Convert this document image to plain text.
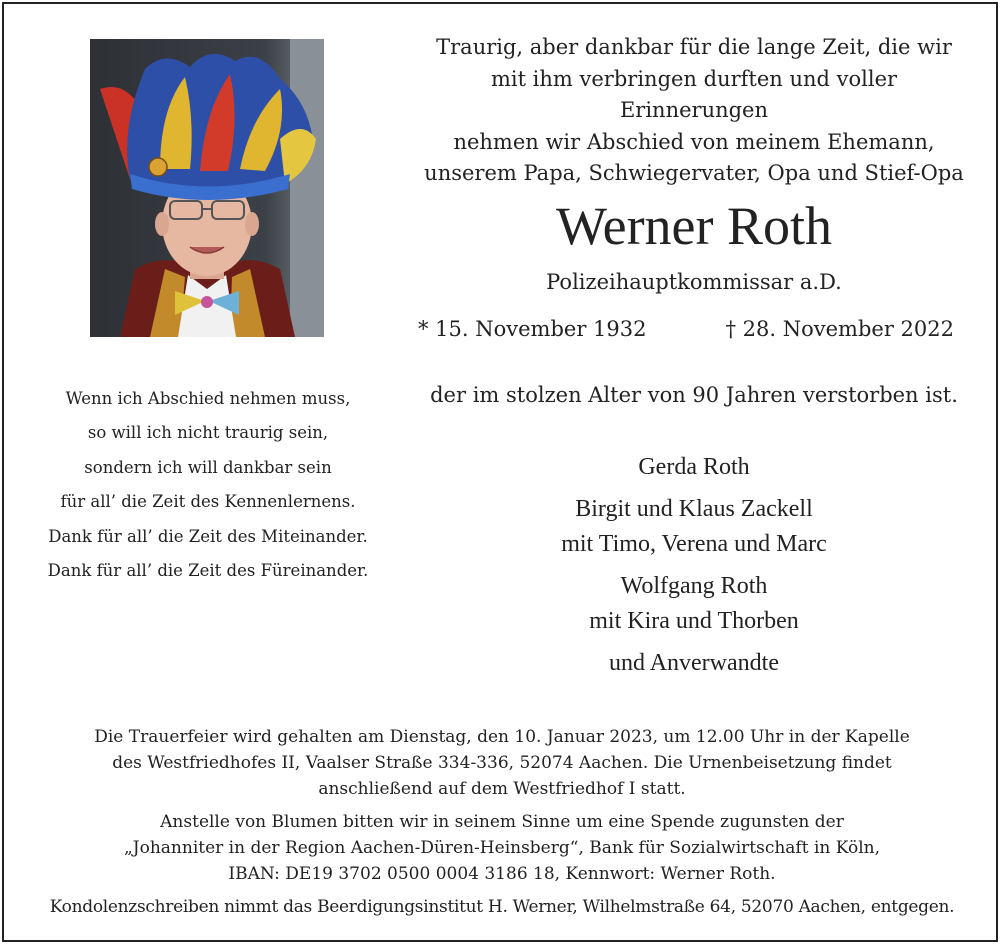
Traurig, aber dankbar für die lange Zeit, die wir
mit ihm verbringen durften und voller Erinnerungen
nehmen wir Abschied von meinem Ehemann,
unserem Papa, Schwiegervater, Opa und Stief-Opa
Werner Roth
Polizeihauptkommissar a.D.
* 15. November 1932	† 28. November 2022
der im stolzen Alter von 90 Jahren verstorben ist.
Wenn ich Abschied nehmen muss,
so will ich nicht traurig sein,
sondern ich will dankbar sein
für all’ die Zeit des Kennenlernens.
Dank für all’ die Zeit des Miteinander.
Dank für all’ die Zeit des Füreinander.
Gerda Roth
Birgit und Klaus Zackell
mit Timo, Verena und Marc
Wolfgang Roth
mit Kira und Thorben
und Anverwandte

Die Trauerfeier wird gehalten am Dienstag, den 10. Januar 2023, um 12.00 Uhr in der Kapelle
des Westfriedhofes II, Vaalser Straße 334-336, 52074 Aachen. Die Urnenbeisetzung findet
anschließend auf dem Westfriedhof I statt.

Anstelle von Blumen bitten wir in seinem Sinne um eine Spende zugunsten der
„Johanniter in der Region Aachen-Düren-Heinsberg“, Bank für Sozialwirtschaft in Köln,
IBAN: DE19 3702 0500 0004 3186 18, Kennwort: Werner Roth.

Kondolenzschreiben nimmt das Beerdigungsinstitut H. Werner, Wilhelmstraße 64, 52070 Aachen, entgegen.
